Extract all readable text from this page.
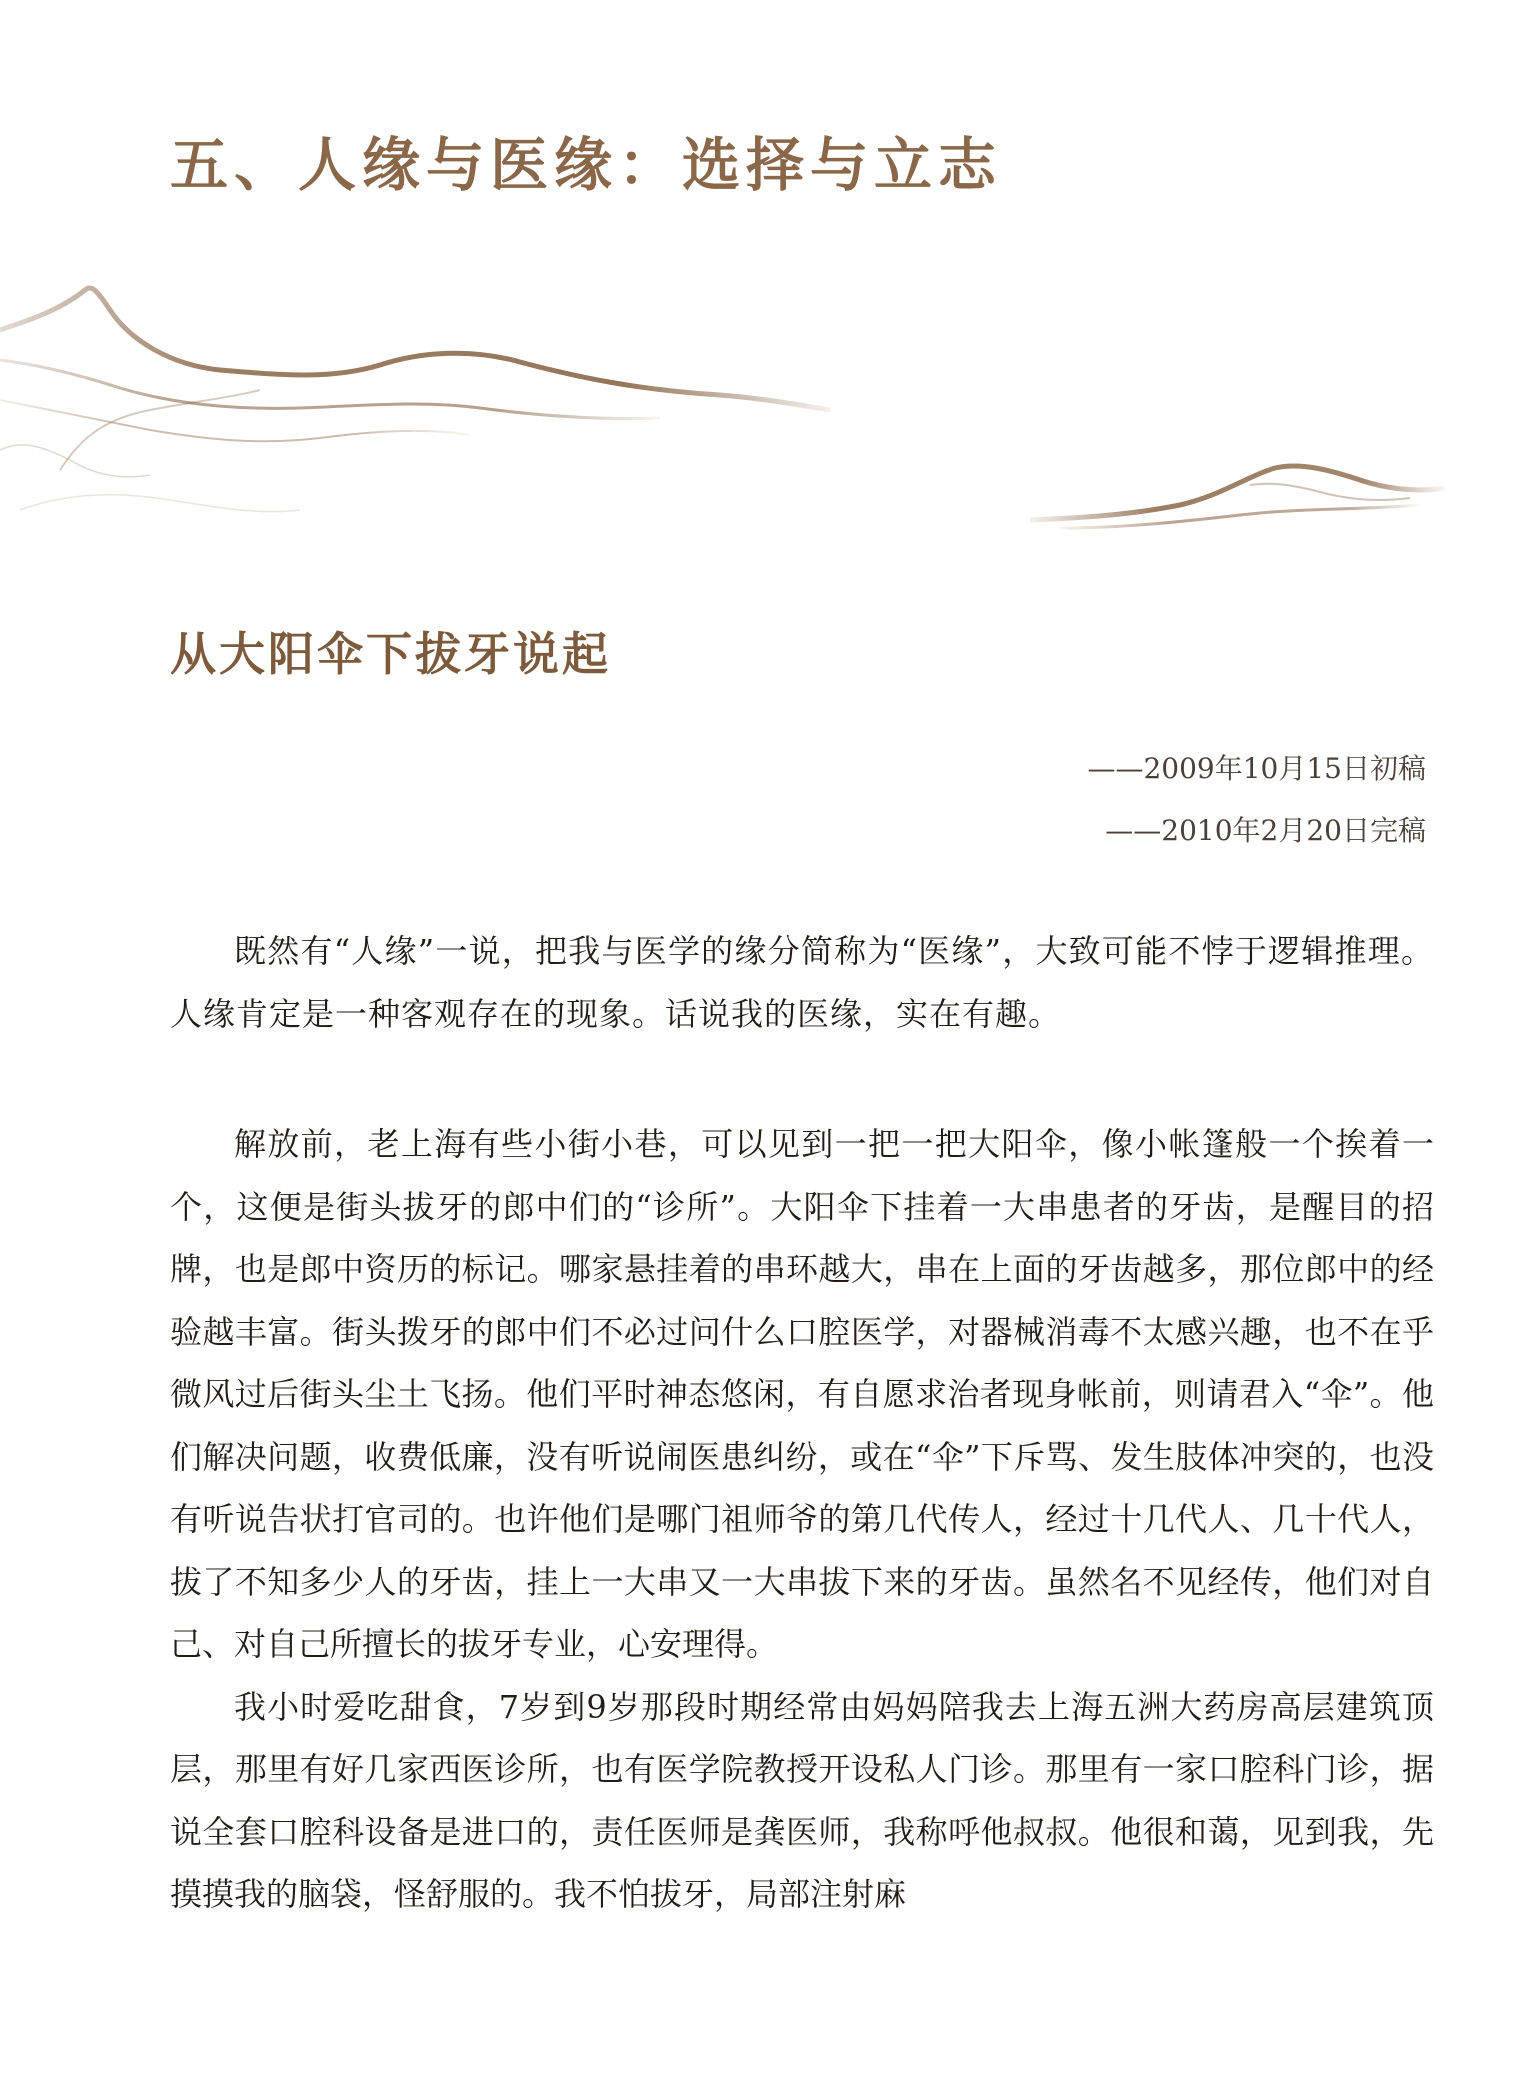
五、人缘与医缘：选择与立志
从大阳伞下拔牙说起
——2009年10月15日初稿
——2010年2月20日完稿

既然有“人缘”一说，把我与医学的缘分简称为“医缘”，大致可能不悖于逻辑推理。人缘肯定是一种客观存在的现象。话说我的医缘，实在有趣。

解放前，老上海有些小街小巷，可以见到一把一把大阳伞，像小帐篷般一个挨着一个，这便是街头拔牙的郎中们的“诊所”。大阳伞下挂着一大串患者的牙齿，是醒目的招牌，也是郎中资历的标记。哪家悬挂着的串环越大，串在上面的牙齿越多，那位郎中的经验越丰富。街头拨牙的郎中们不必过问什么口腔医学，对器械消毒不太感兴趣，也不在乎微风过后街头尘土飞扬。他们平时神态悠闲，有自愿求治者现身帐前，则请君入“伞”。他们解决问题，收费低廉，没有听说闹医患纠纷，或在“伞”下斥骂、发生肢体冲突的，也没有听说告状打官司的。也许他们是哪门祖师爷的第几代传人，经过十几代人、几十代人，拔了不知多少人的牙齿，挂上一大串又一大串拔下来的牙齿。虽然名不见经传，他们对自己、对自己所擅长的拔牙专业，心安理得。

我小时爱吃甜食，7岁到9岁那段时期经常由妈妈陪我去上海五洲大药房高层建筑顶层，那里有好几家西医诊所，也有医学院教授开设私人门诊。那里有一家口腔科门诊，据说全套口腔科设备是进口的，责任医师是龚医师，我称呼他叔叔。他很和蔼，见到我，先摸摸我的脑袋，怪舒服的。我不怕拔牙，局部注射麻
